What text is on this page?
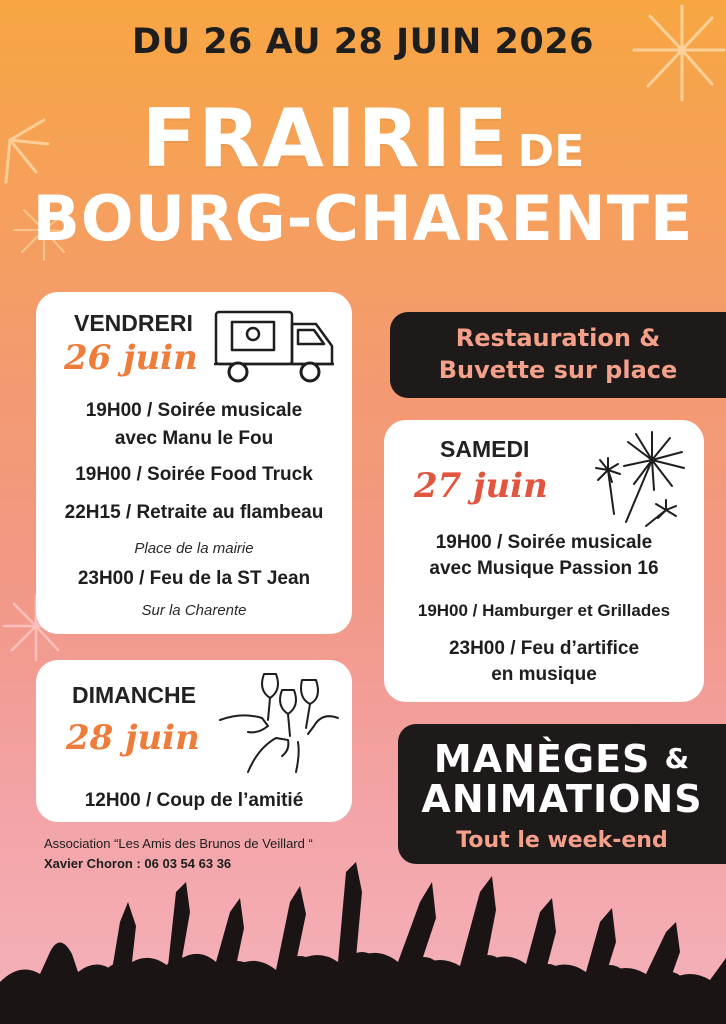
DU 26 AU 28 JUIN 2026
FRAIRIE DE
BOURG-CHARENTE
VENDRERI
26 juin
19H00 / Soirée musicale
avec Manu le Fou
19H00 / Soirée Food Truck
22H15 / Retraite au flambeau
Place de la mairie
23H00 / Feu de la ST Jean
Sur la Charente
Restauration &
Buvette sur place
SAMEDI
27 juin
19H00 / Soirée musicale
avec Musique Passion 16
19H00 / Hamburger et Grillades
23H00 / Feu d’artifice
en musique
DIMANCHE
28 juin
12H00 / Coup de l’amitié
MANÈGES &
ANIMATIONS
Tout le week-end
Association “Les Amis des Brunos de Veillard “
Xavier Choron : 06 03 54 63 36
